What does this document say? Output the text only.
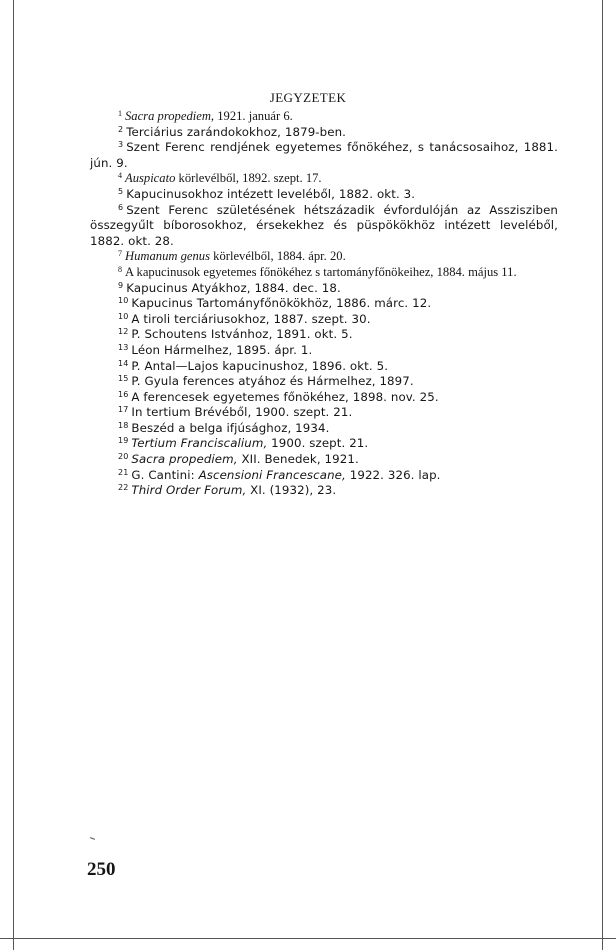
JEGYZETEK
$^1$ Sacra propediem, 1921. január 6.
$^2$ Terciárius zarándokokhoz, 1879-ben.
$^3$ Szent Ferenc rendjének egyetemes főnökéhez, s tanácsosaihoz, 1881. jún. 9.
$^4$ Auspicato körlevélből, 1892. szept. 17.
$^5$ Kapucinusokhoz intézett leveléből, 1882. okt. 3.
$^6$ Szent Ferenc születésének hétszázadik évfordulóján az Asszisziben összegyűlt bíborosokhoz, érsekekhez és püspökökhöz intézett leveléből, 1882. okt. 28.
$^7$ Humanum genus körlevélből, 1884. ápr. 20.
$^8$ A kapucinusok egyetemes főnökéhez s tartományfőnökeihez, 1884. május 11.
$^9$ Kapucinus Atyákhoz, 1884. dec. 18.
$^{10}$ Kapucinus Tartományfőnökökhöz, 1886. márc. 12.
$^{10}$ A tiroli terciáriusokhoz, 1887. szept. 30.
$^{12}$ P. Schoutens Istvánhoz, 1891. okt. 5.
$^{13}$ Léon Hármelhez, 1895. ápr. 1.
$^{14}$ P. Antal—Lajos kapucinushoz, 1896. okt. 5.
$^{15}$ P. Gyula ferences atyához és Hármelhez, 1897.
$^{16}$ A ferencesek egyetemes főnökéhez, 1898. nov. 25.
$^{17}$ In tertium Brévéből, 1900. szept. 21.
$^{18}$ Beszéd a belga ifjúsághoz, 1934.
$^{19}$ Tertium Franciscalium, 1900. szept. 21.
$^{20}$ Sacra propediem, XII. Benedek, 1921.
$^{21}$ G. Cantini: Ascensioni Francescane, 1922. 326. lap.
$^{22}$ Third Order Forum, XI. (1932), 23.
250
